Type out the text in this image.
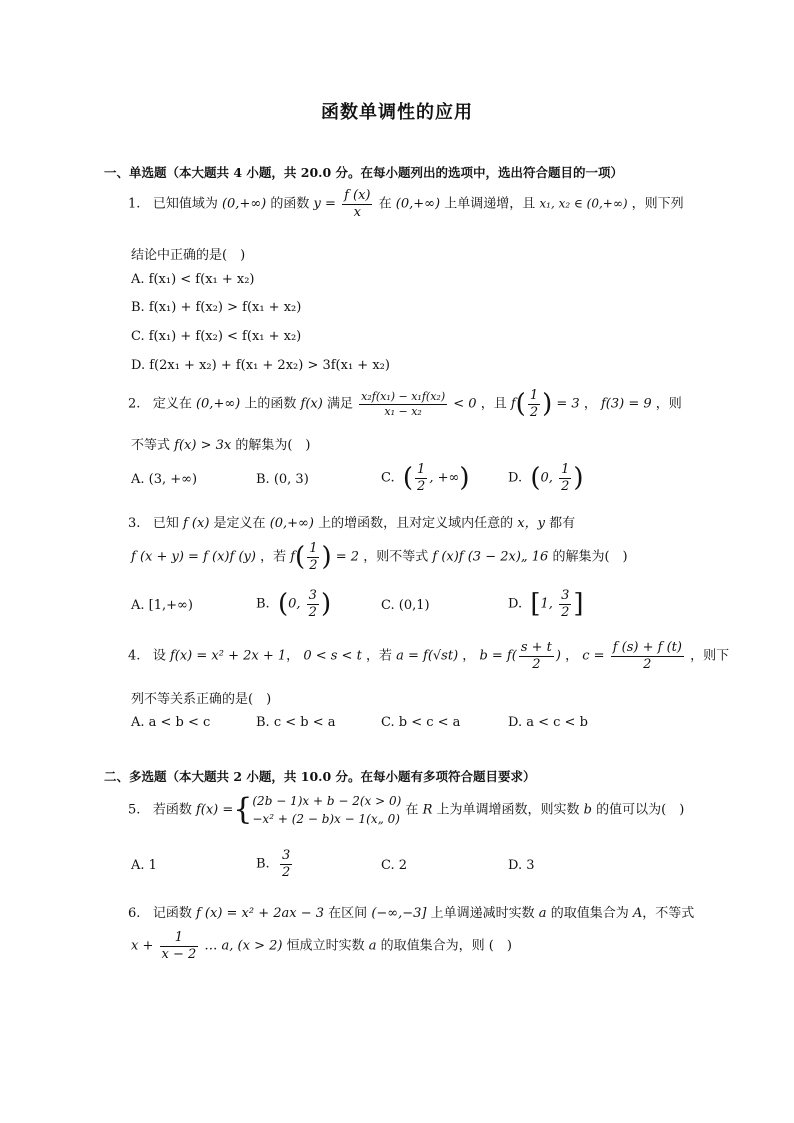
函数单调性的应用
一、单选题（本大题共 4 小题，共 20.0 分。在每小题列出的选项中，选出符合题目的一项）
1. 已知值域为 (0,+∞) 的函数 $y = \frac{f (x)}{x}$ 在 (0,+∞) 上单调递增，且 x₁, x₂ ∈ (0,+∞) ，则下列
结论中正确的是(　)
A. f(x₁) < f(x₁ + x₂)
B. f(x₁) + f(x₂) > f(x₁ + x₂)
C. f(x₁) + f(x₂) < f(x₁ + x₂)
D. f(2x₁ + x₂) + f(x₁ + 2x₂) > 3f(x₁ + x₂)
2. 定义在 (0,+∞) 上的函数 f(x) 满足 $\frac{\text{x₂f(x₁) − x₁f(x₂)}}{\text{x₁ − x₂}} < 0$ ，且 $f( \frac{1}{2}$ ) = 3 ， f(3) = 9 ，则
不等式 f(x) > 3x 的解集为(　)
A. (3, +∞)	B. (0, 3)	C. ( $\frac{1}{2}$ , +∞)	D. (0, $\frac{1}{2}$ )
3. 已知 f (x) 是定义在 (0,+∞) 上的增函数，且对定义域内任意的 x，y 都有
f (x + y) = f (x)f (y) ，若 $f( \frac{1}{2}$ ) = 2 ，则不等式 f (x)f (3 − 2x)„ 16 的解集为(　)
A. [1,+∞)	B. (0, $\frac{3}{2}$ )	C. (0,1)	D. [1, $\frac{3}{2}$ ]
4. 设 f(x) = x² + 2x + 1， 0 < s < t ，若 a = f(√st) ， $b = f( \frac{s + t}{2}$ ) ， $c = \frac{f (s) + f (t)}{2}$ ，则下
列不等关系正确的是(　)
A. a < b < c	B. c < b < a	C. b < c < a	D. a < c < b
二、多选题（本大题共 2 小题，共 10.0 分。在每小题有多项符合题目要求）
5. 若函数 f(x) ={ (2b − 1)x + b − 2(x > 0)
−x² + (2 − b)x − 1(x„ 0)
在 R 上为单调增函数，则实数 b 的值可以为(　)
A. 1	B. $\frac{3}{2}$	C. 2	D. 3
6. 记函数 f (x) = x² + 2ax − 3 在区间 (−∞,−3] 上单调递减时实数 a 的取值集合为 A，不等式
$x + \frac{1}{x - 2}$ … a, (x > 2) 恒成立时实数 a 的取值集合为，则 (　)
